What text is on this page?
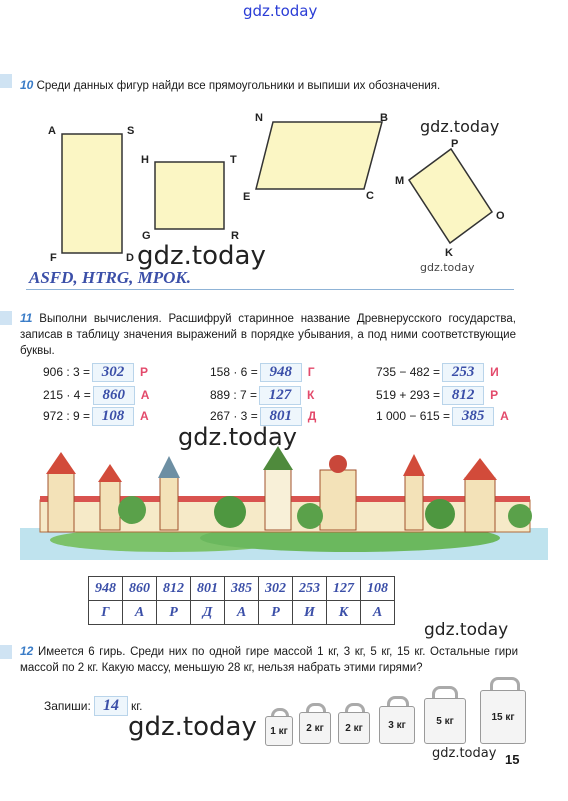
gdz.today
10 Среди данных фигур найди все прямоугольники и выпиши их обозначения.
A	S
F	D
H	T
G	R
N	B
E	C
P
M
O
K
gdz.today
gdz.today	gdz.today
ASFD, HTRG, MPOK.
11 Выполни вычисления. Расшифруй старинное название Древнерусского государства, записав в таблицу значения выражений в порядке убывания, а под ними соответствующие буквы.
906 : 3 = 302 Р
215 · 4 = 860 А
972 : 9 = 108 А
158 · 6 = 948 Г
889 : 7 = 127 К
267 · 3 = 801 Д
735 − 482 = 253 И
519 + 293 = 812 Р
1 000 − 615 = 385 А
gdz.today
948	860	812	801	385	302	253	127	108
Г	А	Р	Д	А	Р	И	К	А
gdz.today
12 Имеется 6 гирь. Среди них по одной гире массой 1 кг, 3 кг, 5 кг, 15 кг. Остальные гири массой по 2 кг. Какую массу, меньшую 28 кг, нельзя набрать этими гирями?
Запиши: 14	кг.
gdz.today	1 кг	2 кг	2 кг	3 кг	5 кг	15 кг
gdz.today 15
